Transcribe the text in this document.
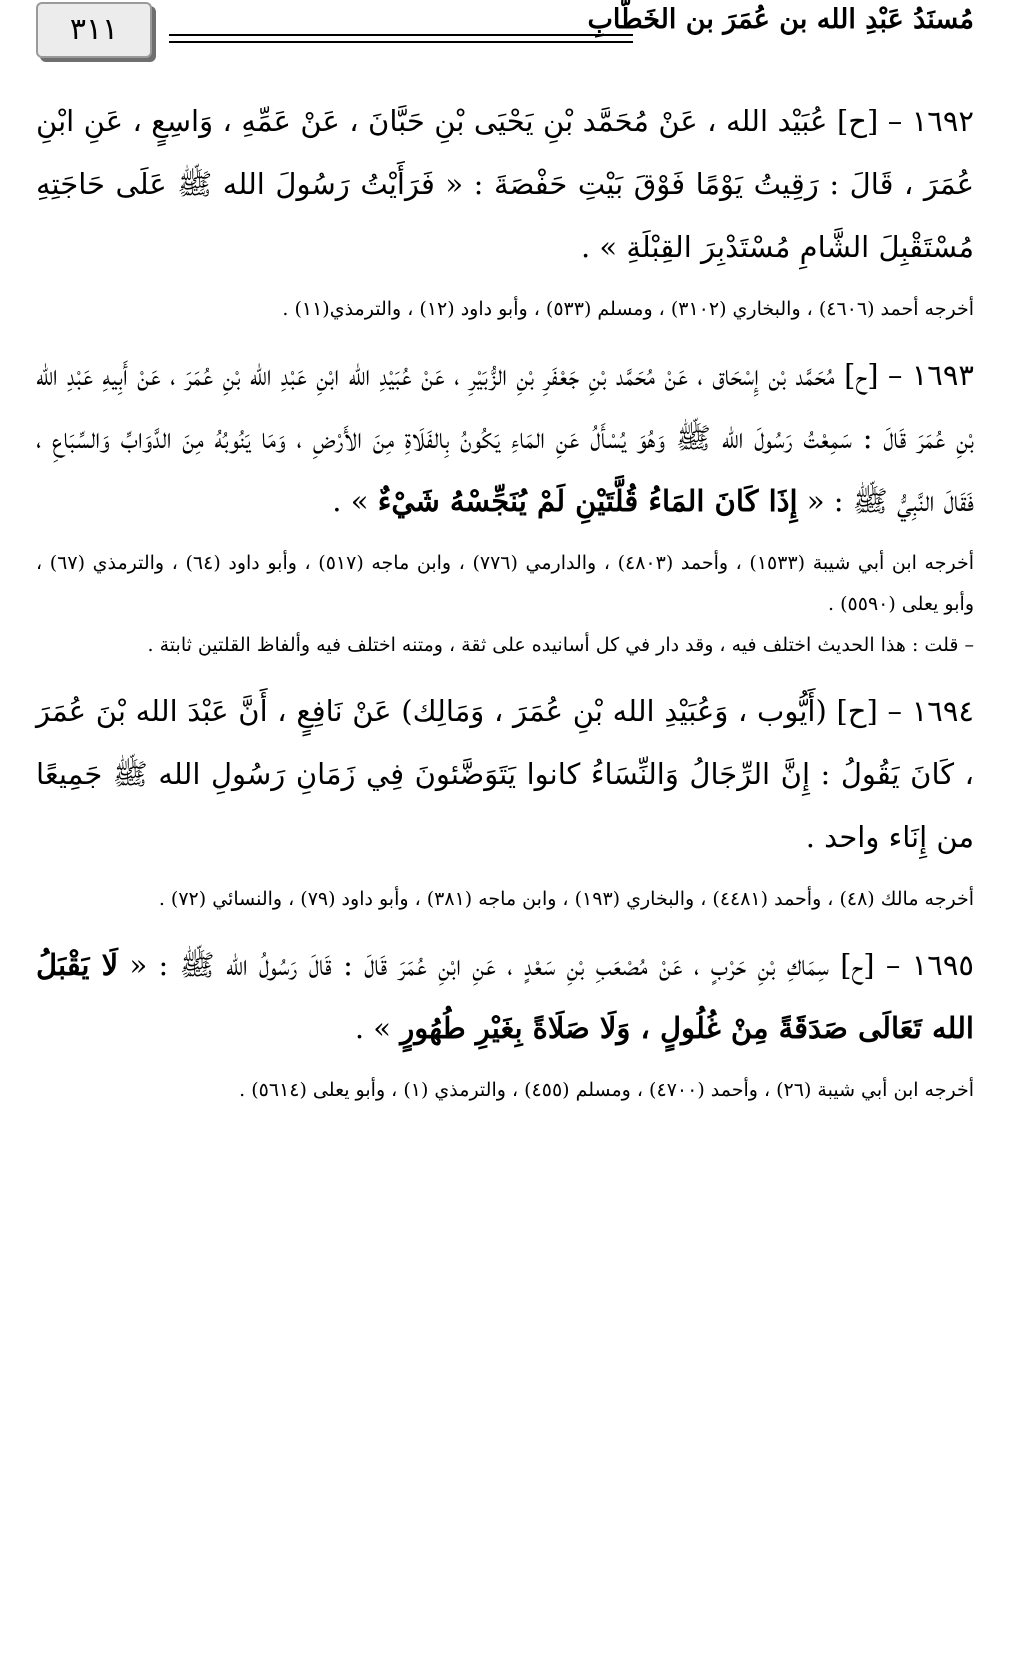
٣١١	مُسنَدُ عَبْدِ الله بن عُمَرَ بن الخَطَّابِ

١٦٩٢ – [ح] عُبَيْد الله ، عَنْ مُحَمَّد بْنِ يَحْيَى بْنِ حَبَّانَ ، عَنْ عَمِّهِ ، وَاسِعٍ ، عَنِ ابْنِ عُمَرَ ، قَالَ : رَقِيتُ يَوْمًا فَوْقَ بَيْتِ حَفْصَةَ : « فَرَأَيْتُ رَسُولَ الله ﷺ عَلَى حَاجَتِهِ مُسْتَقْبِلَ الشَّامِ مُسْتَدْبِرَ القِبْلَةِ » .

أخرجه أحمد (٤٦٠٦) ، والبخاري (٣١٠٢) ، ومسلم (٥٣٣) ، وأبو داود (١٢) ، والترمذي(١١) .

١٦٩٣ – [ح] مُحَمَّد بْن إِسْحَاق ، عَنْ مُحَمَّد بْنِ جَعْفَرِ بْنِ الزُّبَيْرِ ، عَنْ عُبَيْدِ الله ابْنِ عَبْدِ الله بْنِ عُمَرَ ، عَنْ أَبِيهِ عَبْدِ الله بْنِ عُمَرَ قَالَ : سَمِعْتُ رَسُولَ الله ﷺ وَهُوَ يُسْأَلُ عَنِ المَاءِ يَكُونُ بِالفَلَاةِ مِنَ الأَرْضِ ، وَمَا يَنُوبُهُ مِنَ الدَّوَابِّ وَالسِّبَاعِ ، فَقَالَ النَّبِيُّ ﷺ : « إِذَا كَانَ المَاءُ قُلَّتَيْنِ لَمْ يُنَجِّسْهُ شَيْءٌ » .

أخرجه ابن أبي شيبة (١٥٣٣) ، وأحمد (٤٨٠٣) ، والدارمي (٧٧٦) ، وابن ماجه (٥١٧) ، وأبو داود (٦٤) ، والترمذي (٦٧) ، وأبو يعلى (٥٥٩٠) .

– قلت : هذا الحديث اختلف فيه ، وقد دار في كل أسانيده على ثقة ، ومتنه اختلف فيه وألفاظ القلتين ثابتة .

١٦٩٤ – [ح] (أَيُّوب ، وَعُبَيْدِ الله بْنِ عُمَرَ ، وَمَالِك) عَنْ نَافِعٍ ، أَنَّ عَبْدَ الله بْنَ عُمَرَ ، كَانَ يَقُولُ : إِنَّ الرِّجَالُ وَالنِّسَاءُ كانوا يَتَوَضَّئونَ فِي زَمَانِ رَسُولِ الله ﷺ جَمِيعًا من إِنَاء واحد .

أخرجه مالك (٤٨) ، وأحمد (٤٤٨١) ، والبخاري (١٩٣) ، وابن ماجه (٣٨١) ، وأبو داود (٧٩) ، والنسائي (٧٢) .

١٦٩٥ – [ح] سِمَاكِ بْنِ حَرْبٍ ، عَنْ مُصْعَبِ بْنِ سَعْدٍ ، عَنِ ابْنِ عُمَرَ قَالَ : قَالَ رَسُولُ الله ﷺ : « لَا يَقْبَلُ الله تَعَالَى صَدَقَةً مِنْ غُلُولٍ ، وَلَا صَلَاةً بِغَيْرِ طُهُورٍ » .

أخرجه ابن أبي شيبة (٢٦) ، وأحمد (٤٧٠٠) ، ومسلم (٤٥٥) ، والترمذي (١) ، وأبو يعلى (٥٦١٤) .
